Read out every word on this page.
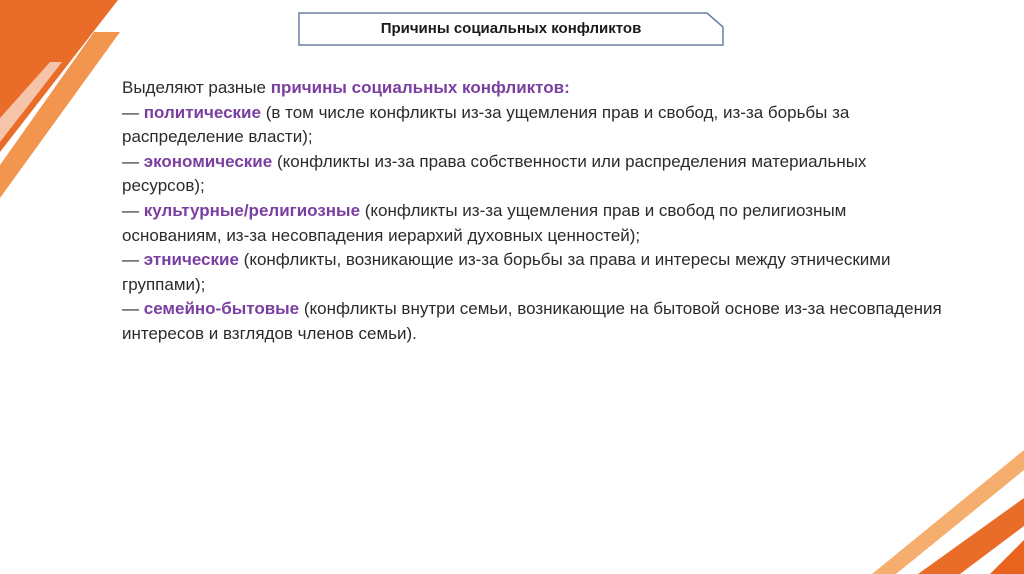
Причины социальных конфликтов

Выделяют разные причины социальных конфликтов:

— политические (в том числе конфликты из-за ущемления прав и свобод, из-за борьбы за распределение власти);

— экономические (конфликты из-за права собственности или распределения материальных ресурсов);

— культурные/религиозные (конфликты из-за ущемления прав и свобод по религиозным основаниям, из-за несовпадения иерархий духовных ценностей);

— этнические (конфликты, возникающие из-за борьбы за права и интересы между этническими группами);

— семейно-бытовые (конфликты внутри семьи, возникающие на бытовой основе из-за несовпадения интересов и взглядов членов семьи).
